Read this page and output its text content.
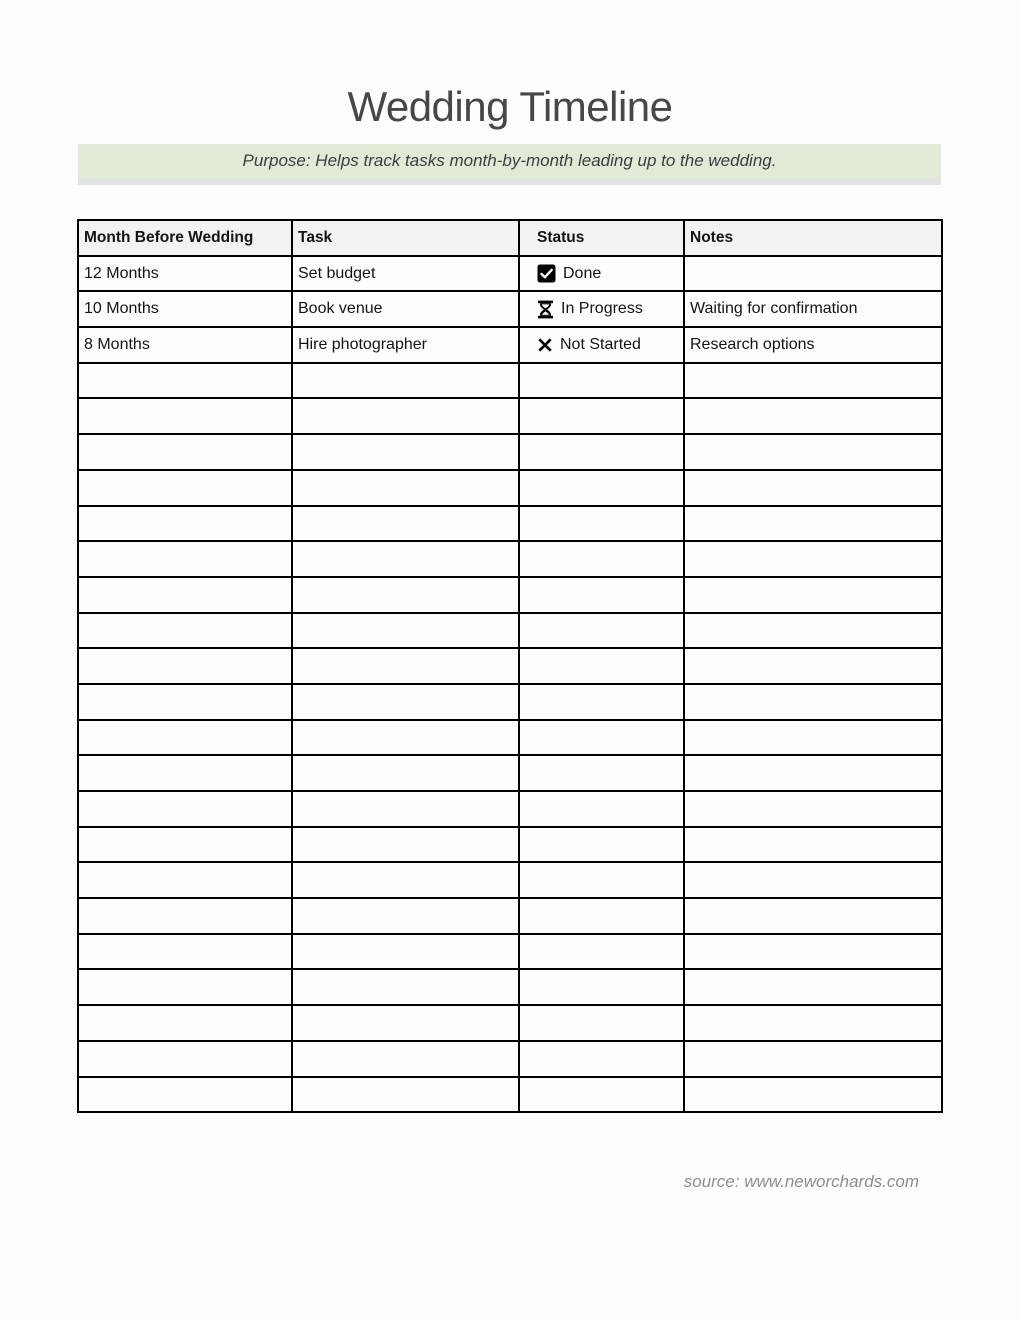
Wedding Timeline
Purpose: Helps track tasks month-by-month leading up to the wedding.
Month Before Wedding	Task	Status	Notes
12 Months	Set budget	Done	

10 Months	Book venue	In Progress	Waiting for confirmation
8 Months	Hire photographer	Not Started	Research options

source: www.neworchards.com
